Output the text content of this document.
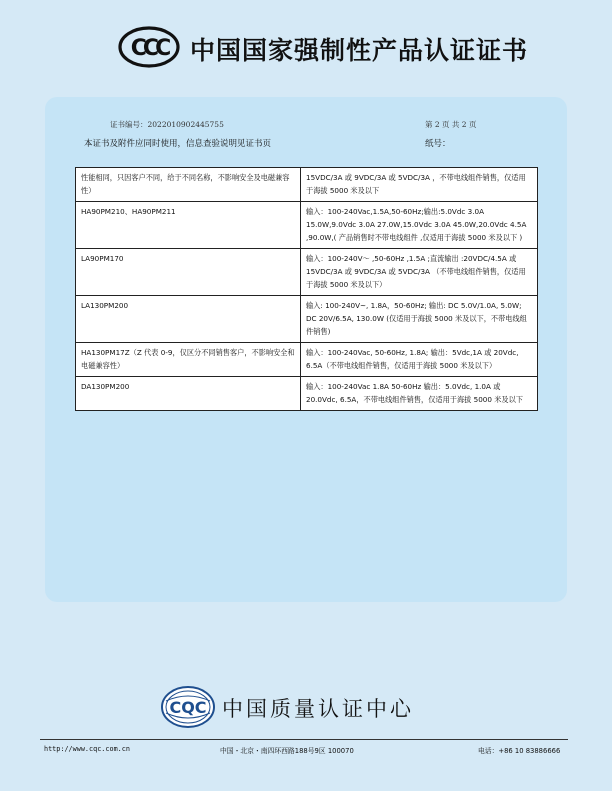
CCC 中国国家强制性产品认证证书
证书编号：2022010902445755	第 2 页 共 2 页
本证书及附件应同时使用，信息查验说明见证书页	纸号：
性能相同，只因客户不同，给于不同名称，不影响安全及电磁兼容性）	15VDC/3A 或 9VDC/3A 或 5VDC/3A ，不带电线组件销售，仅适用于海拔 5000 米及以下
HA90PM210、HA90PM211	输入：100-240Vac,1.5A,50-60Hz;输出:5.0Vdc 3.0A 15.0W,9.0Vdc 3.0A 27.0W,15.0Vdc 3.0A 45.0W,20.0Vdc 4.5A ,90.0W,( 产品销售时不带电线组件 ,仅适用于海拔 5000 米及以下 )
LA90PM170	输入：100-240V～ ,50-60Hz ,1.5A ;直流输出 :20VDC/4.5A 或 15VDC/3A 或 9VDC/3A 或 5VDC/3A （不带电线组件销售，仅适用于海拔 5000 米及以下）
LA130PM200	输入: 100-240V~, 1.8A，50-60Hz; 输出: DC 5.0V/1.0A, 5.0W; DC 20V/6.5A, 130.0W (仅适用于海拔 5000 米及以下，不带电线组件销售)
HA130PM17Z（Z 代表 0-9，仅区分不同销售客户，不影响安全和电磁兼容性）	输入：100-240Vac, 50-60Hz, 1.8A; 输出：5Vdc,1A 或 20Vdc, 6.5A（不带电线组件销售，仅适用于海拔 5000 米及以下）
DA130PM200	输入：100-240Vac 1.8A 50-60Hz 输出：5.0Vdc, 1.0A 或 20.0Vdc, 6.5A，不带电线组件销售，仅适用于海拔 5000 米及以下
CQC 中国质量认证中心
http://www.cqc.com.cn	中国・北京・南四环西路188号9区 100070	电话：+86 10 83886666
